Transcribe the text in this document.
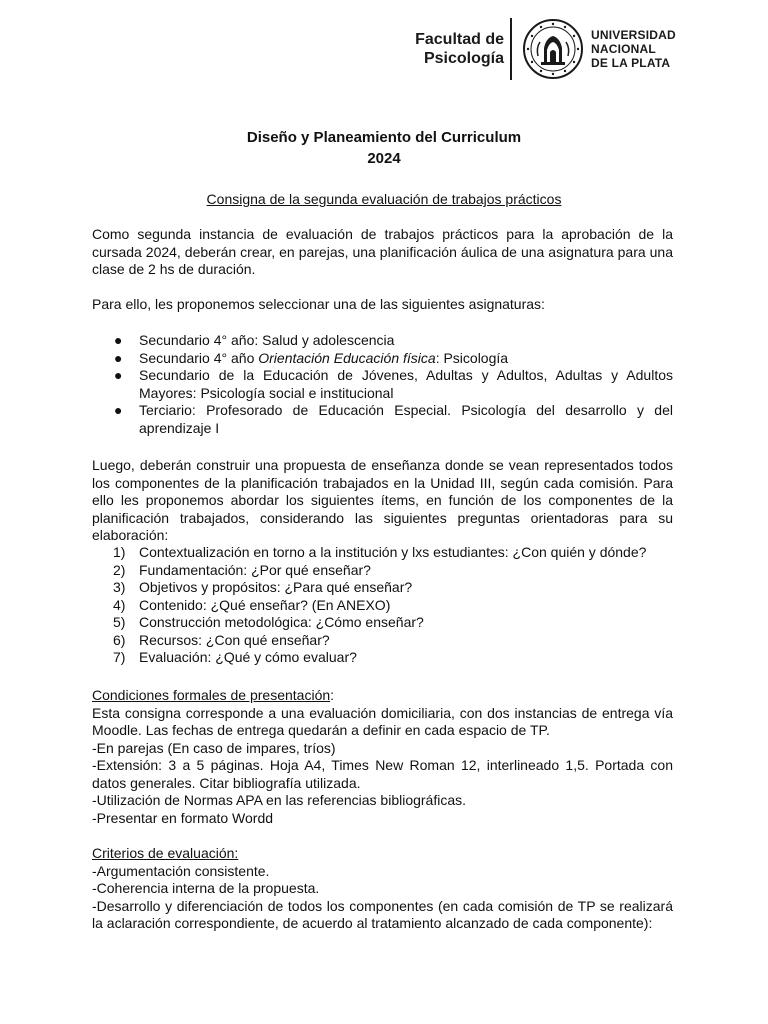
Facultad de
Psicología
UNIVERSIDAD
NACIONAL
DE LA PLATA
Diseño y Planeamiento del Curriculum
2024
Consigna de la segunda evaluación de trabajos prácticos
Como segunda instancia de evaluación de trabajos prácticos para la aprobación de la cursada 2024, deberán crear, en parejas, una planificación áulica de una asignatura para una clase de 2 hs de duración.
Para ello, les proponemos seleccionar una de las siguientes asignaturas:
● Secundario 4° año: Salud y adolescencia
● Secundario 4° año Orientación Educación física: Psicología
● Secundario de la Educación de Jóvenes, Adultas y Adultos, Adultas y Adultos Mayores: Psicología social e institucional
● Terciario: Profesorado de Educación Especial. Psicología del desarrollo y del aprendizaje I
Luego, deberán construir una propuesta de enseñanza donde se vean representados todos los componentes de la planificación trabajados en la Unidad III, según cada comisión. Para ello les proponemos abordar los siguientes ítems, en función de los componentes de la planificación trabajados, considerando las siguientes preguntas orientadoras para su elaboración:
1) Contextualización en torno a la institución y lxs estudiantes: ¿Con quién y dónde?
2) Fundamentación: ¿Por qué enseñar?
3) Objetivos y propósitos: ¿Para qué enseñar?
4) Contenido: ¿Qué enseñar? (En ANEXO)
5) Construcción metodológica: ¿Cómo enseñar?
6) Recursos: ¿Con qué enseñar?
7) Evaluación: ¿Qué y cómo evaluar?
Condiciones formales de presentación:
Esta consigna corresponde a una evaluación domiciliaria, con dos instancias de entrega vía Moodle. Las fechas de entrega quedarán a definir en cada espacio de TP.
-En parejas (En caso de impares, tríos)
-Extensión: 3 a 5 páginas. Hoja A4, Times New Roman 12, interlineado 1,5. Portada con datos generales. Citar bibliografía utilizada.
-Utilización de Normas APA en las referencias bibliográficas.
-Presentar en formato Wordd
Criterios de evaluación:
-Argumentación consistente.
-Coherencia interna de la propuesta.
-Desarrollo y diferenciación de todos los componentes (en cada comisión de TP se realizará la aclaración correspondiente, de acuerdo al tratamiento alcanzado de cada componente):
